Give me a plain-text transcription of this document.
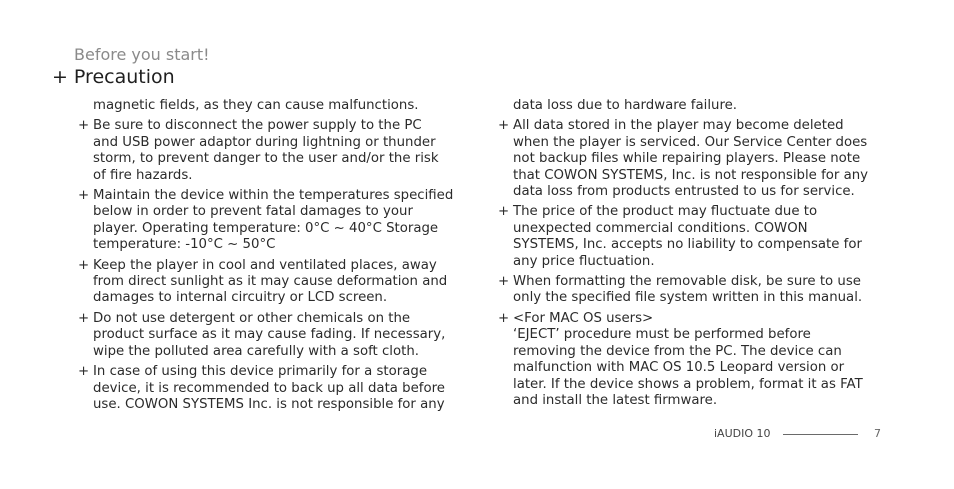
Before you start!
+ Precaution
magnetic fields, as they can cause malfunctions.
+ Be sure to disconnect the power supply to the PC
and USB power adaptor during lightning or thunder
storm, to prevent danger to the user and/or the risk
of fire hazards.
+ Maintain the device within the temperatures specified
below in order to prevent fatal damages to your
player. Operating temperature: 0°C ~ 40°C Storage
temperature: -10°C ~ 50°C
+ Keep the player in cool and ventilated places, away
from direct sunlight as it may cause deformation and
damages to internal circuitry or LCD screen.
+ Do not use detergent or other chemicals on the
product surface as it may cause fading. If necessary,
wipe the polluted area carefully with a soft cloth.
+ In case of using this device primarily for a storage
device, it is recommended to back up all data before
use. COWON SYSTEMS Inc. is not responsible for any
data loss due to hardware failure.
+ All data stored in the player may become deleted
when the player is serviced. Our Service Center does
not backup files while repairing players. Please note
that COWON SYSTEMS, Inc. is not responsible for any
data loss from products entrusted to us for service.
+ The price of the product may fluctuate due to
unexpected commercial conditions. COWON
SYSTEMS, Inc. accepts no liability to compensate for
any price fluctuation.
+ When formatting the removable disk, be sure to use
only the specified file system written in this manual.
+ <For MAC OS users>
‘EJECT’ procedure must be performed before
removing the device from the PC. The device can
malfunction with MAC OS 10.5 Leopard version or
later. If the device shows a problem, format it as FAT
and install the latest firmware.
iAUDIO 10	7
